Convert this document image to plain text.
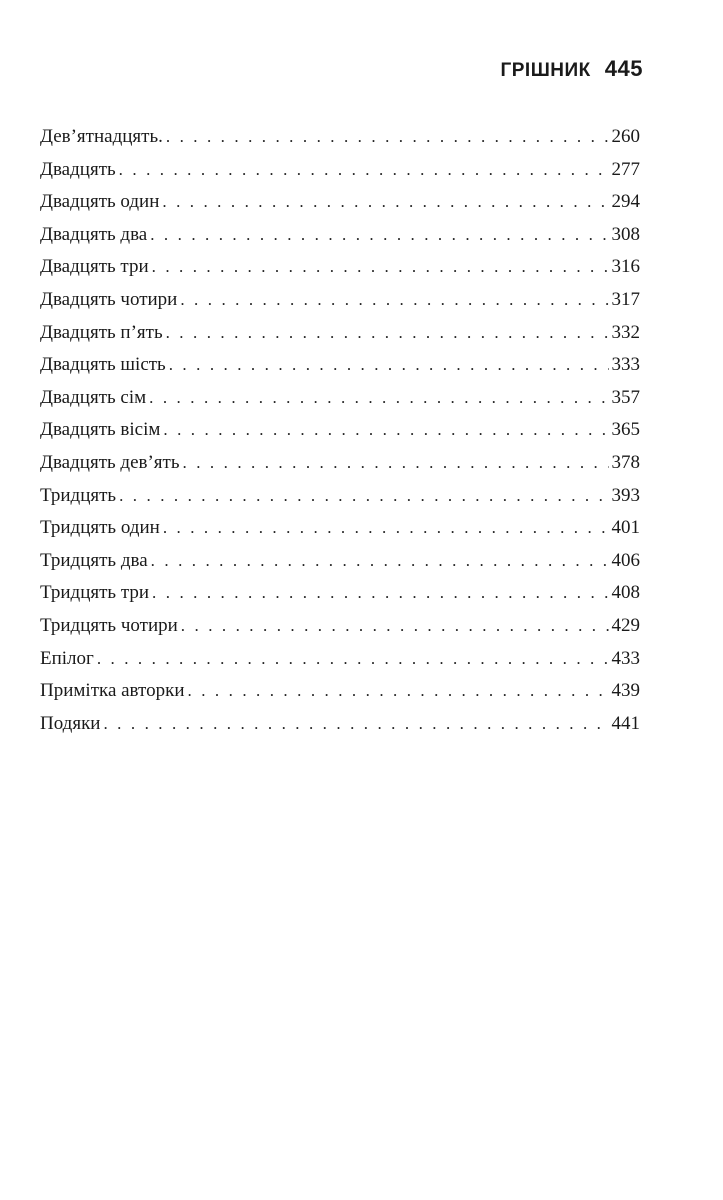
ГРІШНИК 445
Дев’ятнадцять. . . .	260
Двадцять . . .	277
Двадцять один . . .	294
Двадцять два . . .	308
Двадцять три . . .	316
Двадцять чотири . . .	317
Двадцять п’ять . . .	332
Двадцять шість . . .	333
Двадцять сім . . .	357
Двадцять вісім . . .	365
Двадцять дев’ять . . .	378
Тридцять . . .	393
Тридцять один . . .	401
Тридцять два . . .	406
Тридцять три . . .	408
Тридцять чотири . . .	429
Епілог . . .	433
Примітка авторки . . .	439
Подяки . . .	441
